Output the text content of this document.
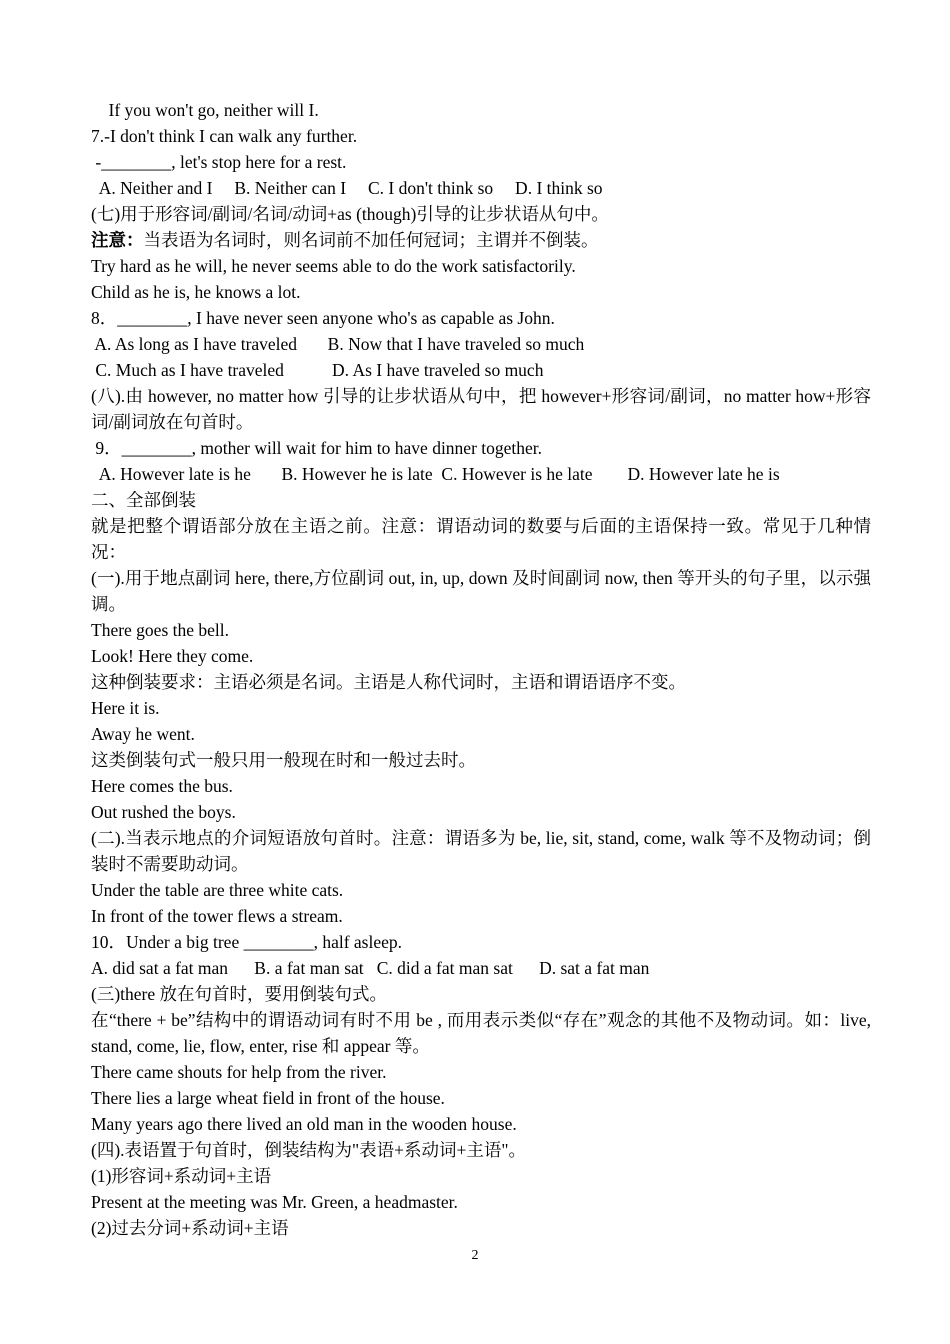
If you won't go, neither will I.
7.-I don't think I can walk any further.
-________, let's stop here for a rest.
A. Neither and I     B. Neither can I     C. I don't think so     D. I think so
(七)用于形容词/副词/名词/动词+as (though)引导的让步状语从句中。
注意：当表语为名词时，则名词前不加任何冠词；主谓并不倒装。
Try hard as he will, he never seems able to do the work satisfactorily.
Child as he is, he knows a lot.
8．________, I have never seen anyone who's as capable as John.
A. As long as I have traveled       B. Now that I have traveled so much
C. Much as I have traveled           D. As I have traveled so much
(八).由 however, no matter how 引导的让步状语从句中，把 however+形容词/副词，no matter how+形容词/副词放在句首时。
9．________, mother will wait for him to have dinner together.
A. However late is he       B. However he is late  C. However is he late        D. However late he is
二、全部倒装
就是把整个谓语部分放在主语之前。注意：谓语动词的数要与后面的主语保持一致。常见于几种情况：
(一).用于地点副词 here, there,方位副词 out, in, up, down 及时间副词 now, then 等开头的句子里，以示强调。
There goes the bell.
Look! Here they come.
这种倒装要求：主语必须是名词。主语是人称代词时，主语和谓语语序不变。
Here it is.
Away he went.
这类倒装句式一般只用一般现在时和一般过去时。
Here comes the bus.
Out rushed the boys.
(二).当表示地点的介词短语放句首时。注意：谓语多为 be, lie, sit, stand, come, walk 等不及物动词；倒装时不需要助动词。
Under the table are three white cats.
In front of the tower flews a stream.
10．Under a big tree ________, half asleep.
A. did sat a fat man      B. a fat man sat   C. did a fat man sat      D. sat a fat man
(三)there 放在句首时，要用倒装句式。
在“there + be”结构中的谓语动词有时不用 be , 而用表示类似“存在”观念的其他不及物动词。如：live, stand, come, lie, flow, enter, rise 和 appear 等。
There came shouts for help from the river.
There lies a large wheat field in front of the house.
Many years ago there lived an old man in the wooden house.
(四).表语置于句首时，倒装结构为"表语+系动词+主语"。
(1)形容词+系动词+主语
Present at the meeting was Mr. Green, a headmaster.
(2)过去分词+系动词+主语
2
